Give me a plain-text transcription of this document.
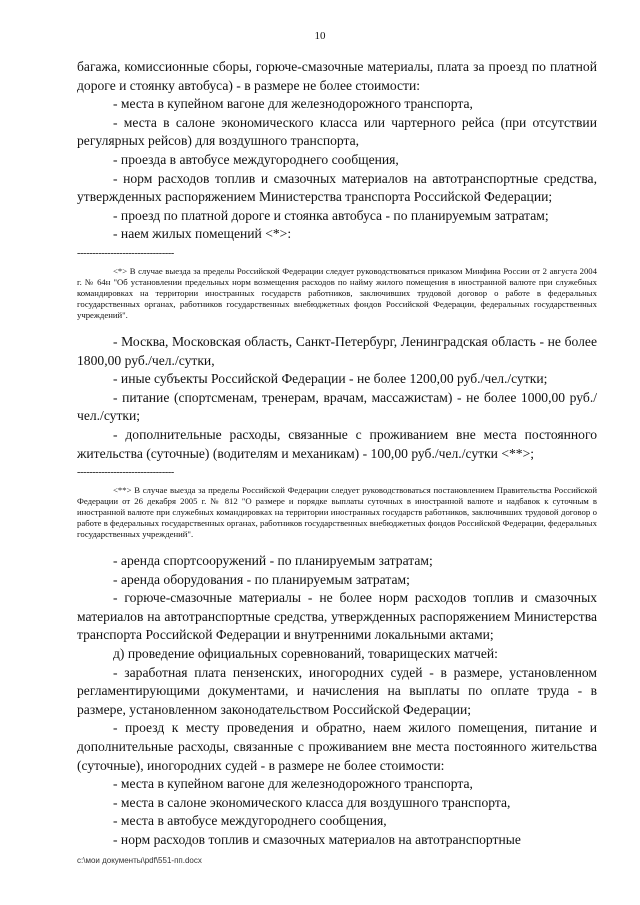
10

багажа, комиссионные сборы, горюче-смазочные материалы, плата за проезд по платной дороге и стоянку автобуса) - в размере не более стоимости:

- места в купейном вагоне для железнодорожного транспорта,

- места в салоне экономического класса или чартерного рейса (при отсутствии регулярных рейсов) для воздушного транспорта,

- проезда в автобусе междугороднего сообщения,

- норм расходов топлив и смазочных материалов на автотранспортные средства, утвержденных распоряжением Министерства транспорта Российской Федерации;

- проезд по платной дороге и стоянка автобуса - по планируемым затратам;

- наем жилых помещений <*>:

--------------------------------

<*> В случае выезда за пределы Российской Федерации следует руководствоваться приказом Минфина России от 2 августа 2004 г. № 64н "Об установлении предельных норм возмещения расходов по найму жилого помещения в иностранной валюте при служебных командировках на территории иностранных государств работников, заключивших трудовой договор о работе в федеральных государственных органах, работников государственных внебюджетных фондов Российской Федерации, федеральных государственных учреждений".

- Москва, Московская область, Санкт-Петербург, Ленинградская область - не более 1800,00 руб./чел./сутки,

- иные субъекты Российской Федерации - не более 1200,00 руб./чел./сутки;

- питание (спортсменам, тренерам, врачам, массажистам) - не более 1000,00 руб./чел./сутки;

- дополнительные расходы, связанные с проживанием вне места постоянного жительства (суточные) (водителям и механикам) - 100,00 руб./чел./сутки <**>;

--------------------------------

<**> В случае выезда за пределы Российской Федерации следует руководствоваться постановлением Правительства Российской Федерации от 26 декабря 2005 г. № 812 "О размере и порядке выплаты суточных в иностранной валюте и надбавок к суточным в иностранной валюте при служебных командировках на территории иностранных государств работников, заключивших трудовой договор о работе в федеральных государственных органах, работников государственных внебюджетных фондов Российской Федерации, федеральных государственных учреждений".

- аренда спортсооружений - по планируемым затратам;

- аренда оборудования - по планируемым затратам;

- горюче-смазочные материалы - не более норм расходов топлив и смазочных материалов на автотранспортные средства, утвержденных распоряжением Министерства транспорта Российской Федерации и внутренними локальными актами;

д) проведение официальных соревнований, товарищеских матчей:

- заработная плата пензенских, иногородних судей - в размере, установленном регламентирующими документами, и начисления на выплаты по оплате труда - в размере, установленном законодательством Российской Федерации;

- проезд к месту проведения и обратно, наем жилого помещения, питание и дополнительные расходы, связанные с проживанием вне места постоянного жительства (суточные), иногородних судей - в размере не более стоимости:

- места в купейном вагоне для железнодорожного транспорта,

- места в салоне экономического класса для воздушного транспорта,

- места в автобусе междугороднего сообщения,

- норм расходов топлив и смазочных материалов на автотранспортные

c:\мои документы\pdf\551-пп.docx
